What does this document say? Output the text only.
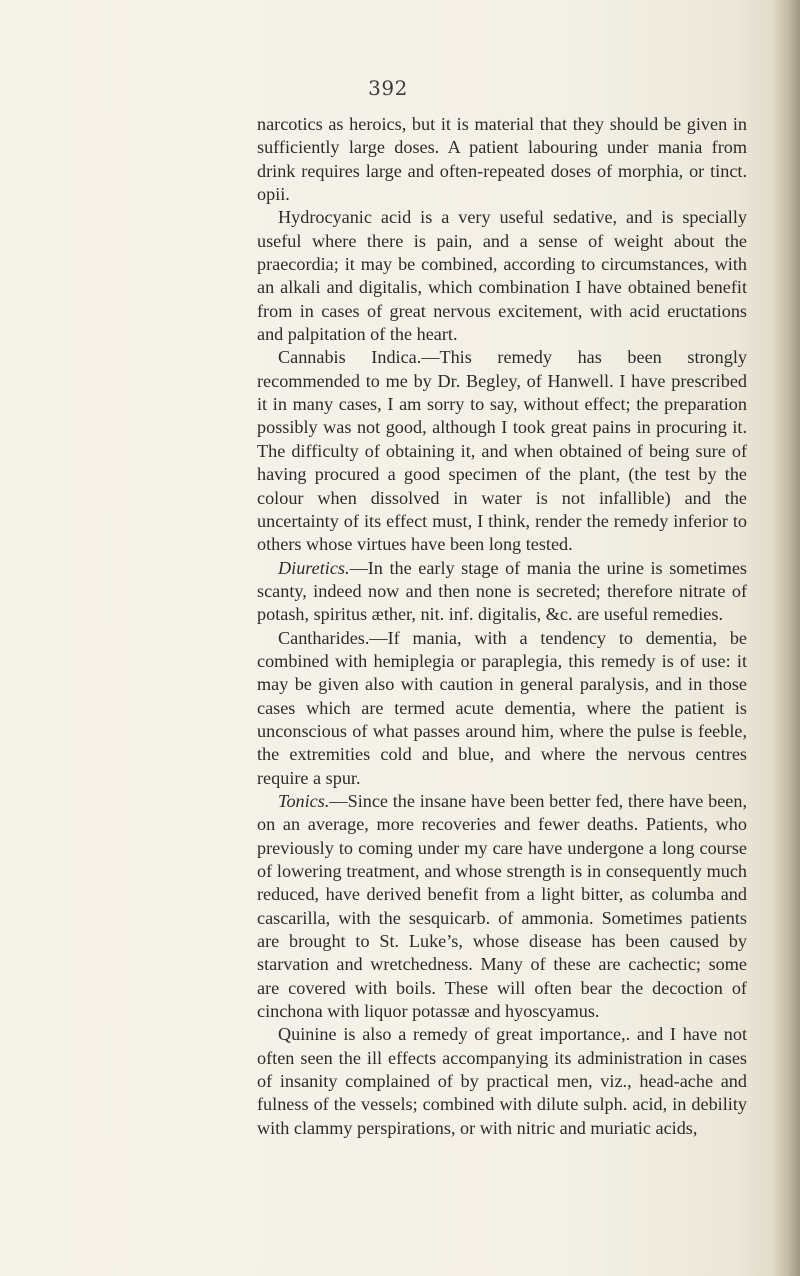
392

narcotics as heroics, but it is material that they should be given in sufficiently large doses. A patient labouring under mania from drink requires large and often-repeated doses of morphia, or tinct. opii.

Hydrocyanic acid is a very useful sedative, and is specially useful where there is pain, and a sense of weight about the praecordia; it may be combined, according to circumstances, with an alkali and digitalis, which combination I have obtained benefit from in cases of great nervous excitement, with acid eructations and palpitation of the heart.

Cannabis Indica.—This remedy has been strongly recommended to me by Dr. Begley, of Hanwell. I have prescribed it in many cases, I am sorry to say, without effect; the preparation possibly was not good, although I took great pains in procuring it. The difficulty of obtaining it, and when obtained of being sure of having procured a good specimen of the plant, (the test by the colour when dissolved in water is not infallible) and the uncertainty of its effect must, I think, render the remedy inferior to others whose virtues have been long tested.

Diuretics.—In the early stage of mania the urine is sometimes scanty, indeed now and then none is secreted; therefore nitrate of potash, spiritus æther, nit. inf. digitalis, &c. are useful remedies.

Cantharides.—If mania, with a tendency to dementia, be combined with hemiplegia or paraplegia, this remedy is of use: it may be given also with caution in general paralysis, and in those cases which are termed acute dementia, where the patient is unconscious of what passes around him, where the pulse is feeble, the extremities cold and blue, and where the nervous centres require a spur.

Tonics.—Since the insane have been better fed, there have been, on an average, more recoveries and fewer deaths. Patients, who previously to coming under my care have undergone a long course of lowering treatment, and whose strength is in consequently much reduced, have derived benefit from a light bitter, as columba and cascarilla, with the sesquicarb. of ammonia. Sometimes patients are brought to St. Luke’s, whose disease has been caused by starvation and wretchedness. Many of these are cachectic; some are covered with boils. These will often bear the decoction of cinchona with liquor potassæ and hyoscyamus.

Quinine is also a remedy of great importance,. and I have not often seen the ill effects accompanying its administration in cases of insanity complained of by practical men, viz., head-ache and fulness of the vessels; combined with dilute sulph. acid, in debility with clammy perspirations, or with nitric and muriatic acids,
